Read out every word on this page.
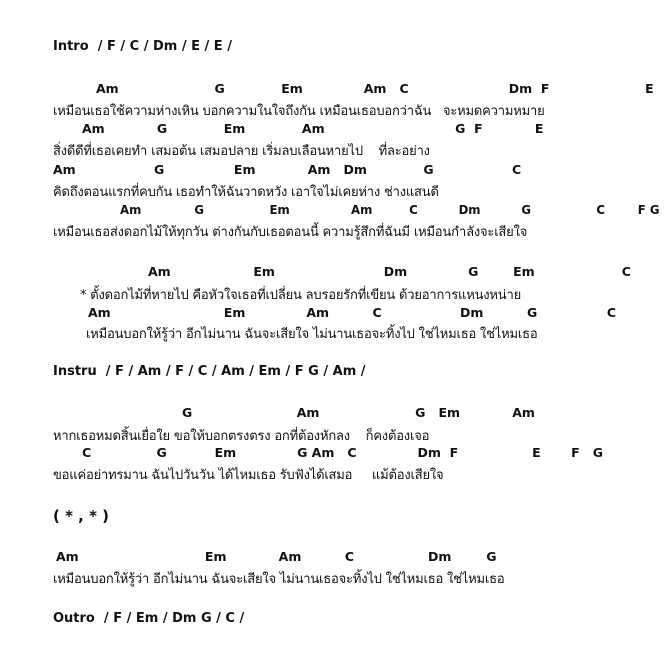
Intro  / F / C / Dm / E / E /
Am                      G             Em              Am   C                       Dm  F                      E
เหมือนเธอใช้ความห่างเหิน บอกความในใจถึงกัน เหมือนเธอบอกว่าฉัน   จะหมดความหมาย
Am            G             Em             Am                              G  F            E
สิ่งดีดีที่เธอเคยทำ เสมอต้น เสมอปลาย เริ่มลบเลือนหายไป    ที่ละอย่าง
Am                  G                Em            Am   Dm             G                  C
คิดถึงตอนแรกที่คบกัน เธอทำให้ฉันวาดหวัง เอาใจไม่เคยห่าง ช่างแสนดี
Am             G                Em               Am         C          Dm          G                C        F G
เหมือนเธอส่งดอกไม้ให้ทุกวัน ต่างกันกับเธอตอนนี้ ความรู้สึกที่ฉันมี เหมือนกำลังจะเสียใจ
Am                   Em                         Dm              G        Em                    C
* ตั้งดอกไม้ที่หายไป คือหัวใจเธอที่เปลี่ยน ลบรอยรักที่เขียน ด้วยอาการแหนงหน่าย
Am                          Em              Am          C                  Dm          G                C
เหมือนบอกให้รู้ว่า อีกไม่นาน ฉันจะเสียใจ ไม่นานเธอจะทิ้งไป ใช่ไหมเธอ ใช่ไหมเธอ
Instru  / F / Am / F / C / Am / Em / F G / Am /
G                        Am                      G   Em            Am
หากเธอหมดสิ้นเยื่อใย ขอให้บอกตรงตรง อกที่ต้องหักลง    ก็คงต้องเจอ
C               G           Em              G Am   C              Dm  F                 E       F   G
ขอแค่อย่าทรมาน ฉันไปวันวัน ได้ไหมเธอ รับฟังได้เสมอ     แม้ต้องเสียใจ
( * , * )
Am                             Em            Am          C                 Dm        G
เหมือนบอกให้รู้ว่า อีกไม่นาน ฉันจะเสียใจ ไม่นานเธอจะทิ้งไป ใช่ไหมเธอ ใช่ไหมเธอ
Outro  / F / Em / Dm G / C /
